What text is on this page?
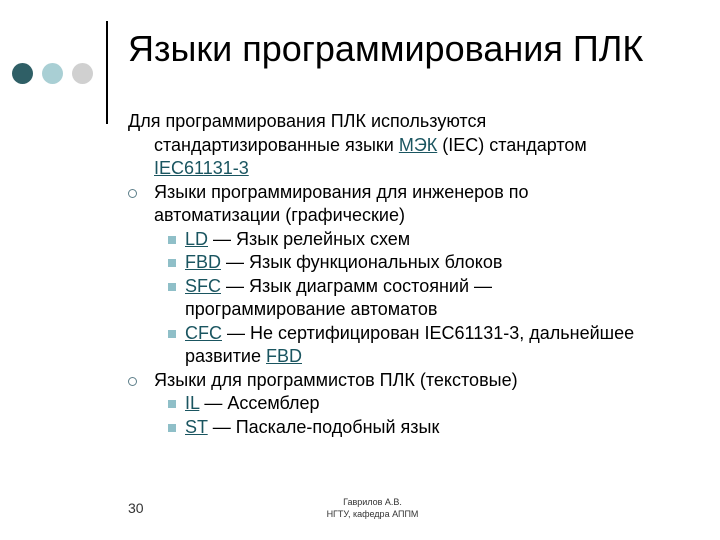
Языки программирования ПЛК
Для программирования ПЛК используются
стандартизированные языки МЭК (IEC) стандартом
IEC61131-3
Языки программирования для инженеров по
автоматизации (графические)
LD — Язык релейных схем
FBD — Язык функциональных блоков
SFC — Язык диаграмм состояний —
программирование автоматов
CFC — Не сертифицирован IEC61131-3, дальнейшее
развитие FBD
Языки для программистов ПЛК (текстовые)
IL — Ассемблер
ST — Паскале-подобный язык
30	Гаврилов А.В.
НГТУ, кафедра АППМ
